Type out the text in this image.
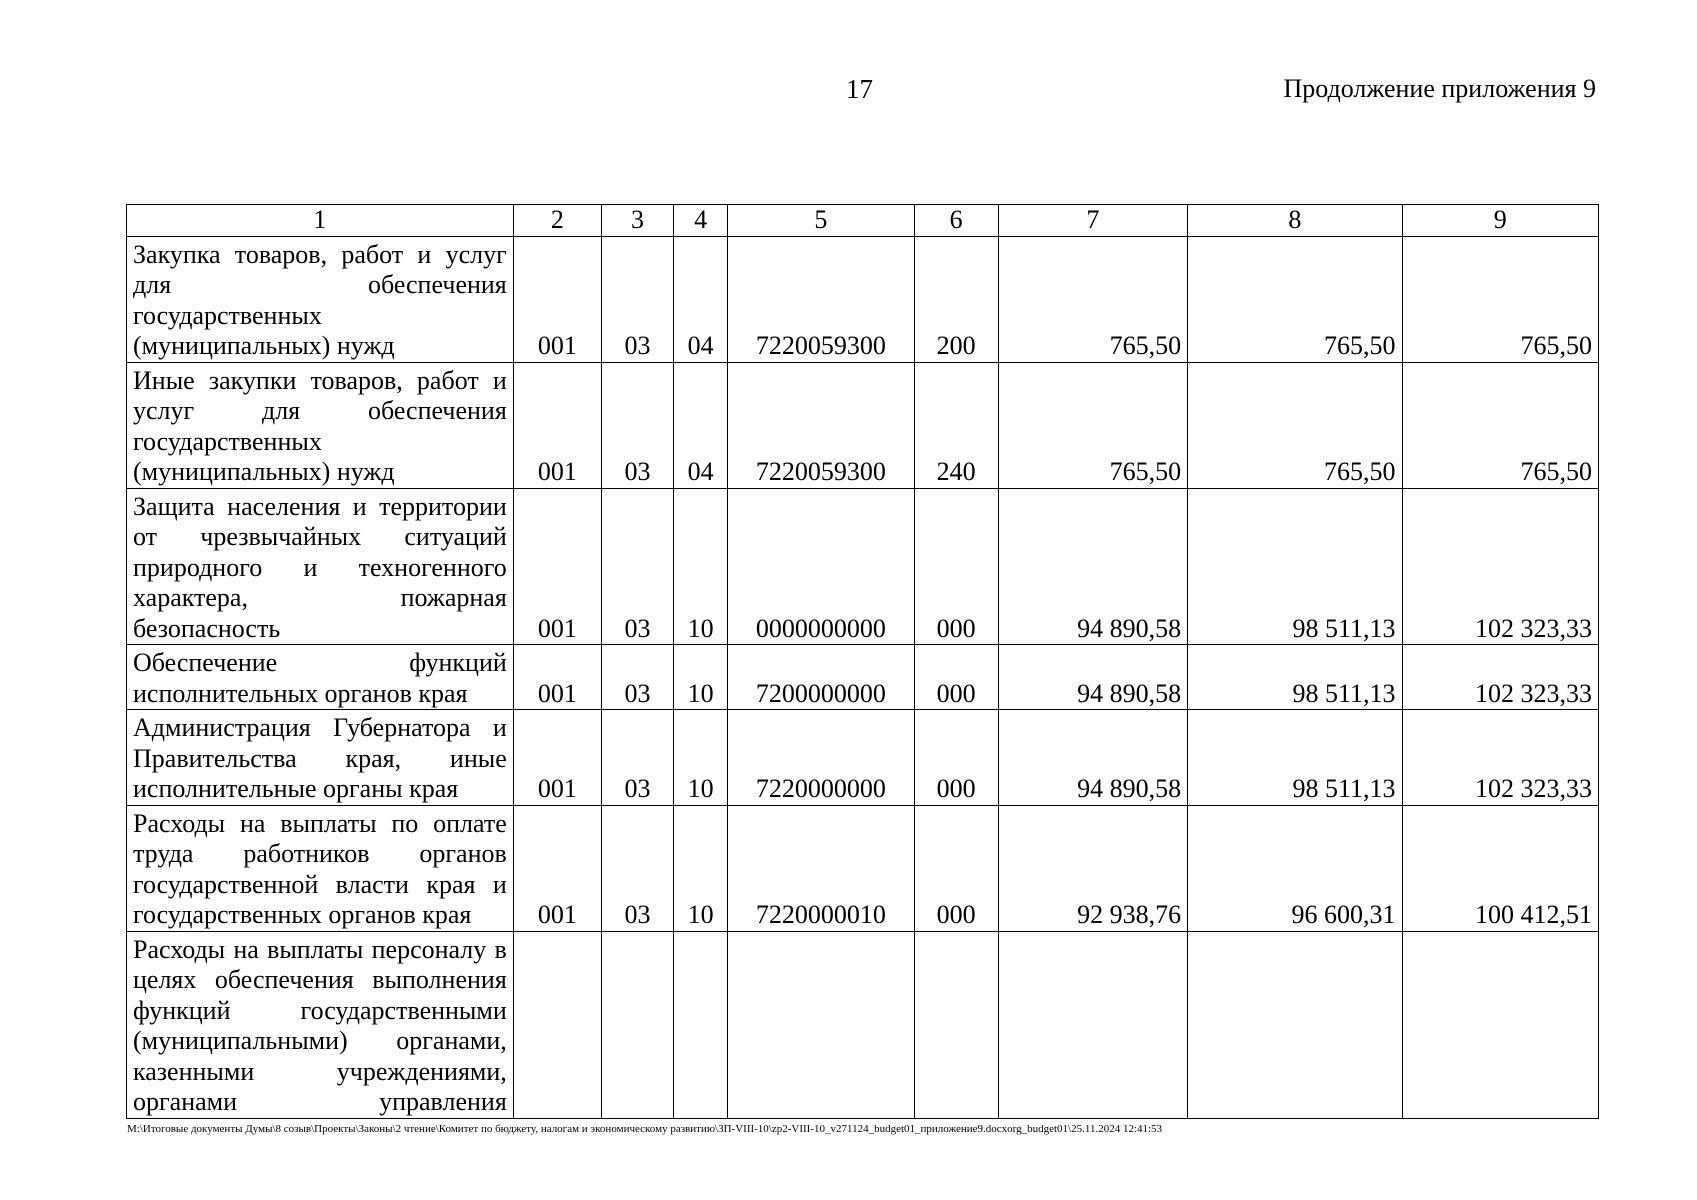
17	Продолжение приложения 9
1	2	3	4	5	6	7	8	9
Закупка товаров, работ и услуг для обеспечения государственных (муниципальных) нужд	001	03	04	7220059300	200	765,50	765,50	765,50
Иные закупки товаров, работ и услуг для обеспечения государственных (муниципальных) нужд	001	03	04	7220059300	240	765,50	765,50	765,50
Защита населения и территории от чрезвычайных ситуаций природного и техногенного характера, пожарная безопасность	001	03	10	0000000000	000	94 890,58	98 511,13	102 323,33
Обеспечение функций исполнительных органов края	001	03	10	7200000000	000	94 890,58	98 511,13	102 323,33
Администрация Губернатора и Правительства края, иные исполнительные органы края	001	03	10	7220000000	000	94 890,58	98 511,13	102 323,33
Расходы на выплаты по оплате труда работников органов государственной власти края и государственных органов края	001	03	10	7220000010	000	92 938,76	96 600,31	100 412,51
Расходы на выплаты персоналу в целях обеспечения выполнения функций государственными (муниципальными) органами, казенными учреждениями, органами управления								
M:\Итоговые документы Думы\8 созыв\Проекты\Законы\2 чтение\Комитет по бюджету, налогам и экономическому развитию\ЗП-VIII-10\zp2-VIII-10_v271124_budget01_приложение9.docxorg_budget01\25.11.2024 12:41:53
